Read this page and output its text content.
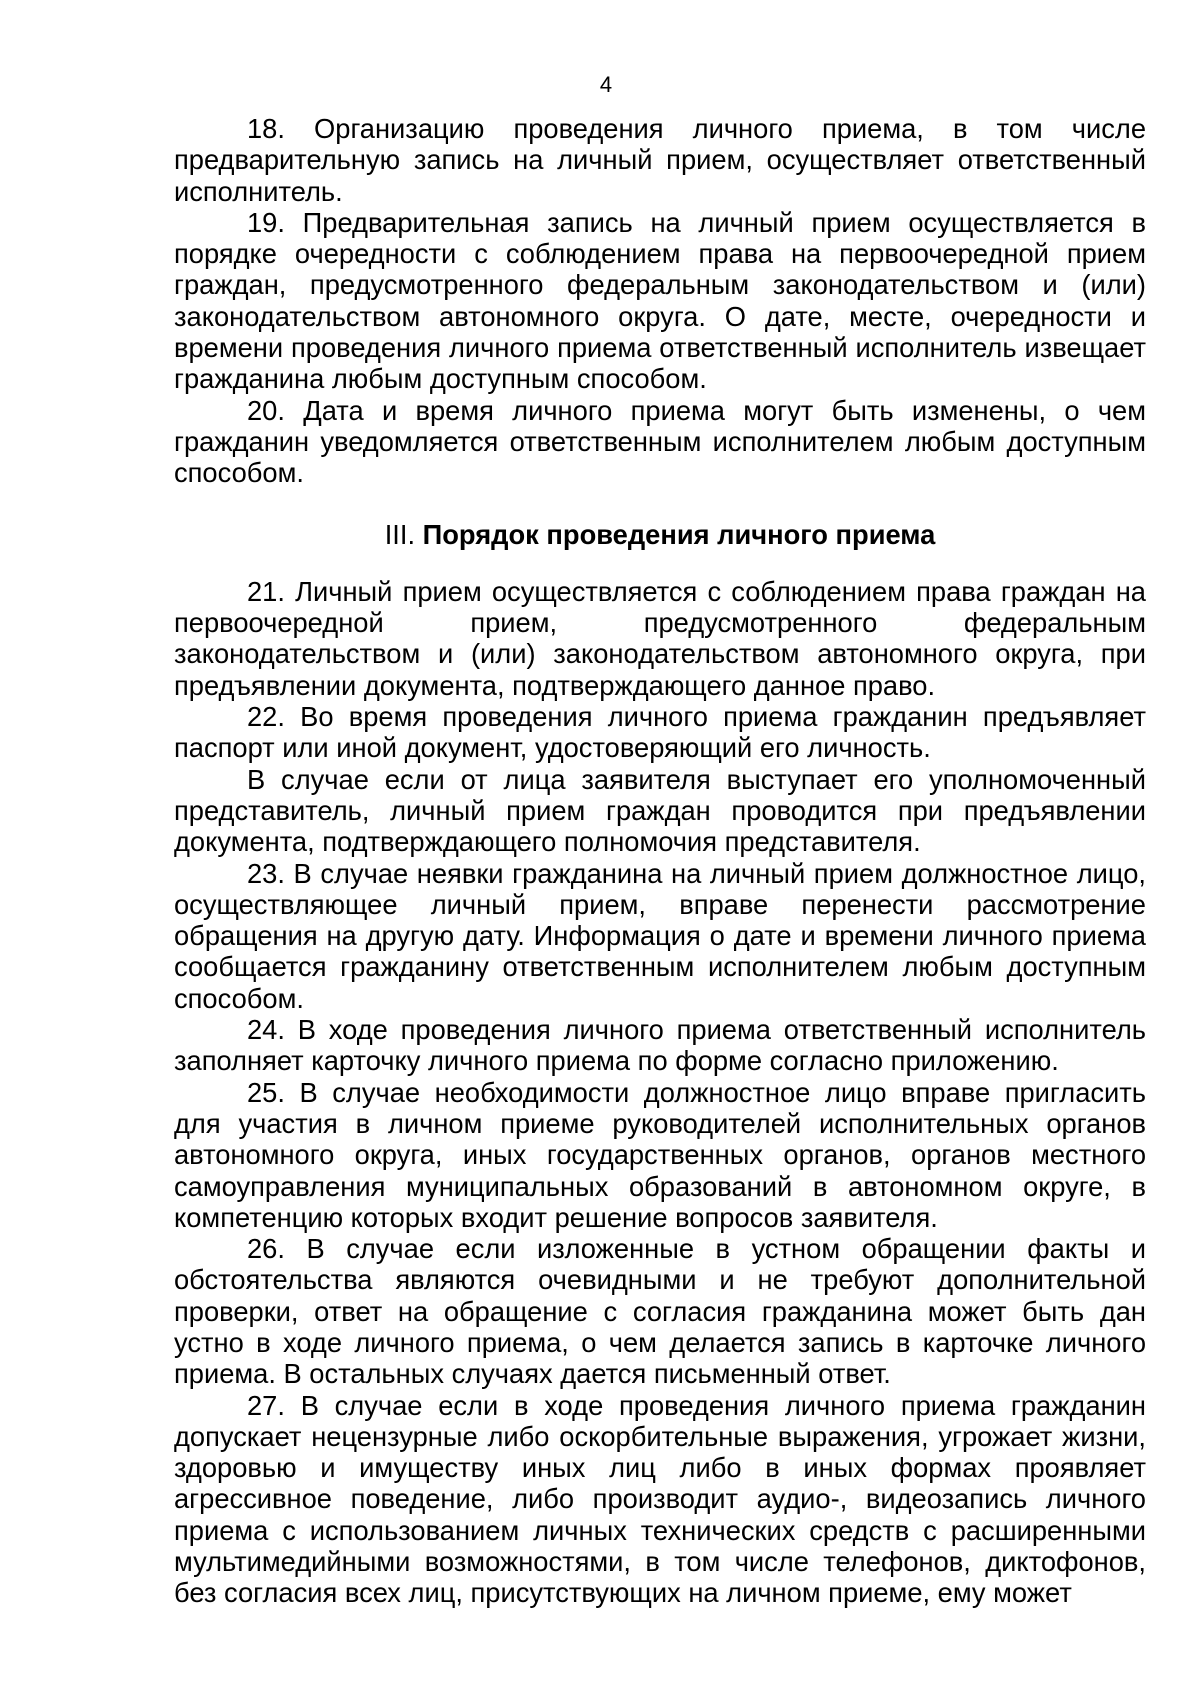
4

18. Организацию проведения личного приема, в том числе предварительную запись на личный прием, осуществляет ответственный исполнитель.

19. Предварительная запись на личный прием осуществляется в порядке очередности с соблюдением права на первоочередной прием граждан, предусмотренного федеральным законодательством и (или) законодательством автономного округа. О дате, месте, очередности и времени проведения личного приема ответственный исполнитель извещает гражданина любым доступным способом.

20. Дата и время личного приема могут быть изменены, о чем гражданин уведомляется ответственным исполнителем любым доступным способом.

III. Порядок проведения личного приема

21. Личный прием осуществляется с соблюдением права граждан на первоочередной прием, предусмотренного федеральным законодательством и (или) законодательством автономного округа, при предъявлении документа, подтверждающего данное право.

22. Во время проведения личного приема гражданин предъявляет паспорт или иной документ, удостоверяющий его личность.

В случае если от лица заявителя выступает его уполномоченный представитель, личный прием граждан проводится при предъявлении документа, подтверждающего полномочия представителя.

23. В случае неявки гражданина на личный прием должностное лицо, осуществляющее личный прием, вправе перенести рассмотрение обращения на другую дату. Информация о дате и времени личного приема сообщается гражданину ответственным исполнителем любым доступным способом.

24. В ходе проведения личного приема ответственный исполнитель заполняет карточку личного приема по форме согласно приложению.

25. В случае необходимости должностное лицо вправе пригласить для участия в личном приеме руководителей исполнительных органов автономного округа, иных государственных органов, органов местного самоуправления муниципальных образований в автономном округе, в компетенцию которых входит решение вопросов заявителя.

26. В случае если изложенные в устном обращении факты и обстоятельства являются очевидными и не требуют дополнительной проверки, ответ на обращение с согласия гражданина может быть дан устно в ходе личного приема, о чем делается запись в карточке личного приема. В остальных случаях дается письменный ответ.

27. В случае если в ходе проведения личного приема гражданин допускает нецензурные либо оскорбительные выражения, угрожает жизни, здоровью и имуществу иных лиц либо в иных формах проявляет агрессивное поведение, либо производит аудио-, видеозапись личного приема с использованием личных технических средств с расширенными мультимедийными возможностями, в том числе телефонов, диктофонов, без согласия всех лиц, присутствующих на личном приеме, ему может
